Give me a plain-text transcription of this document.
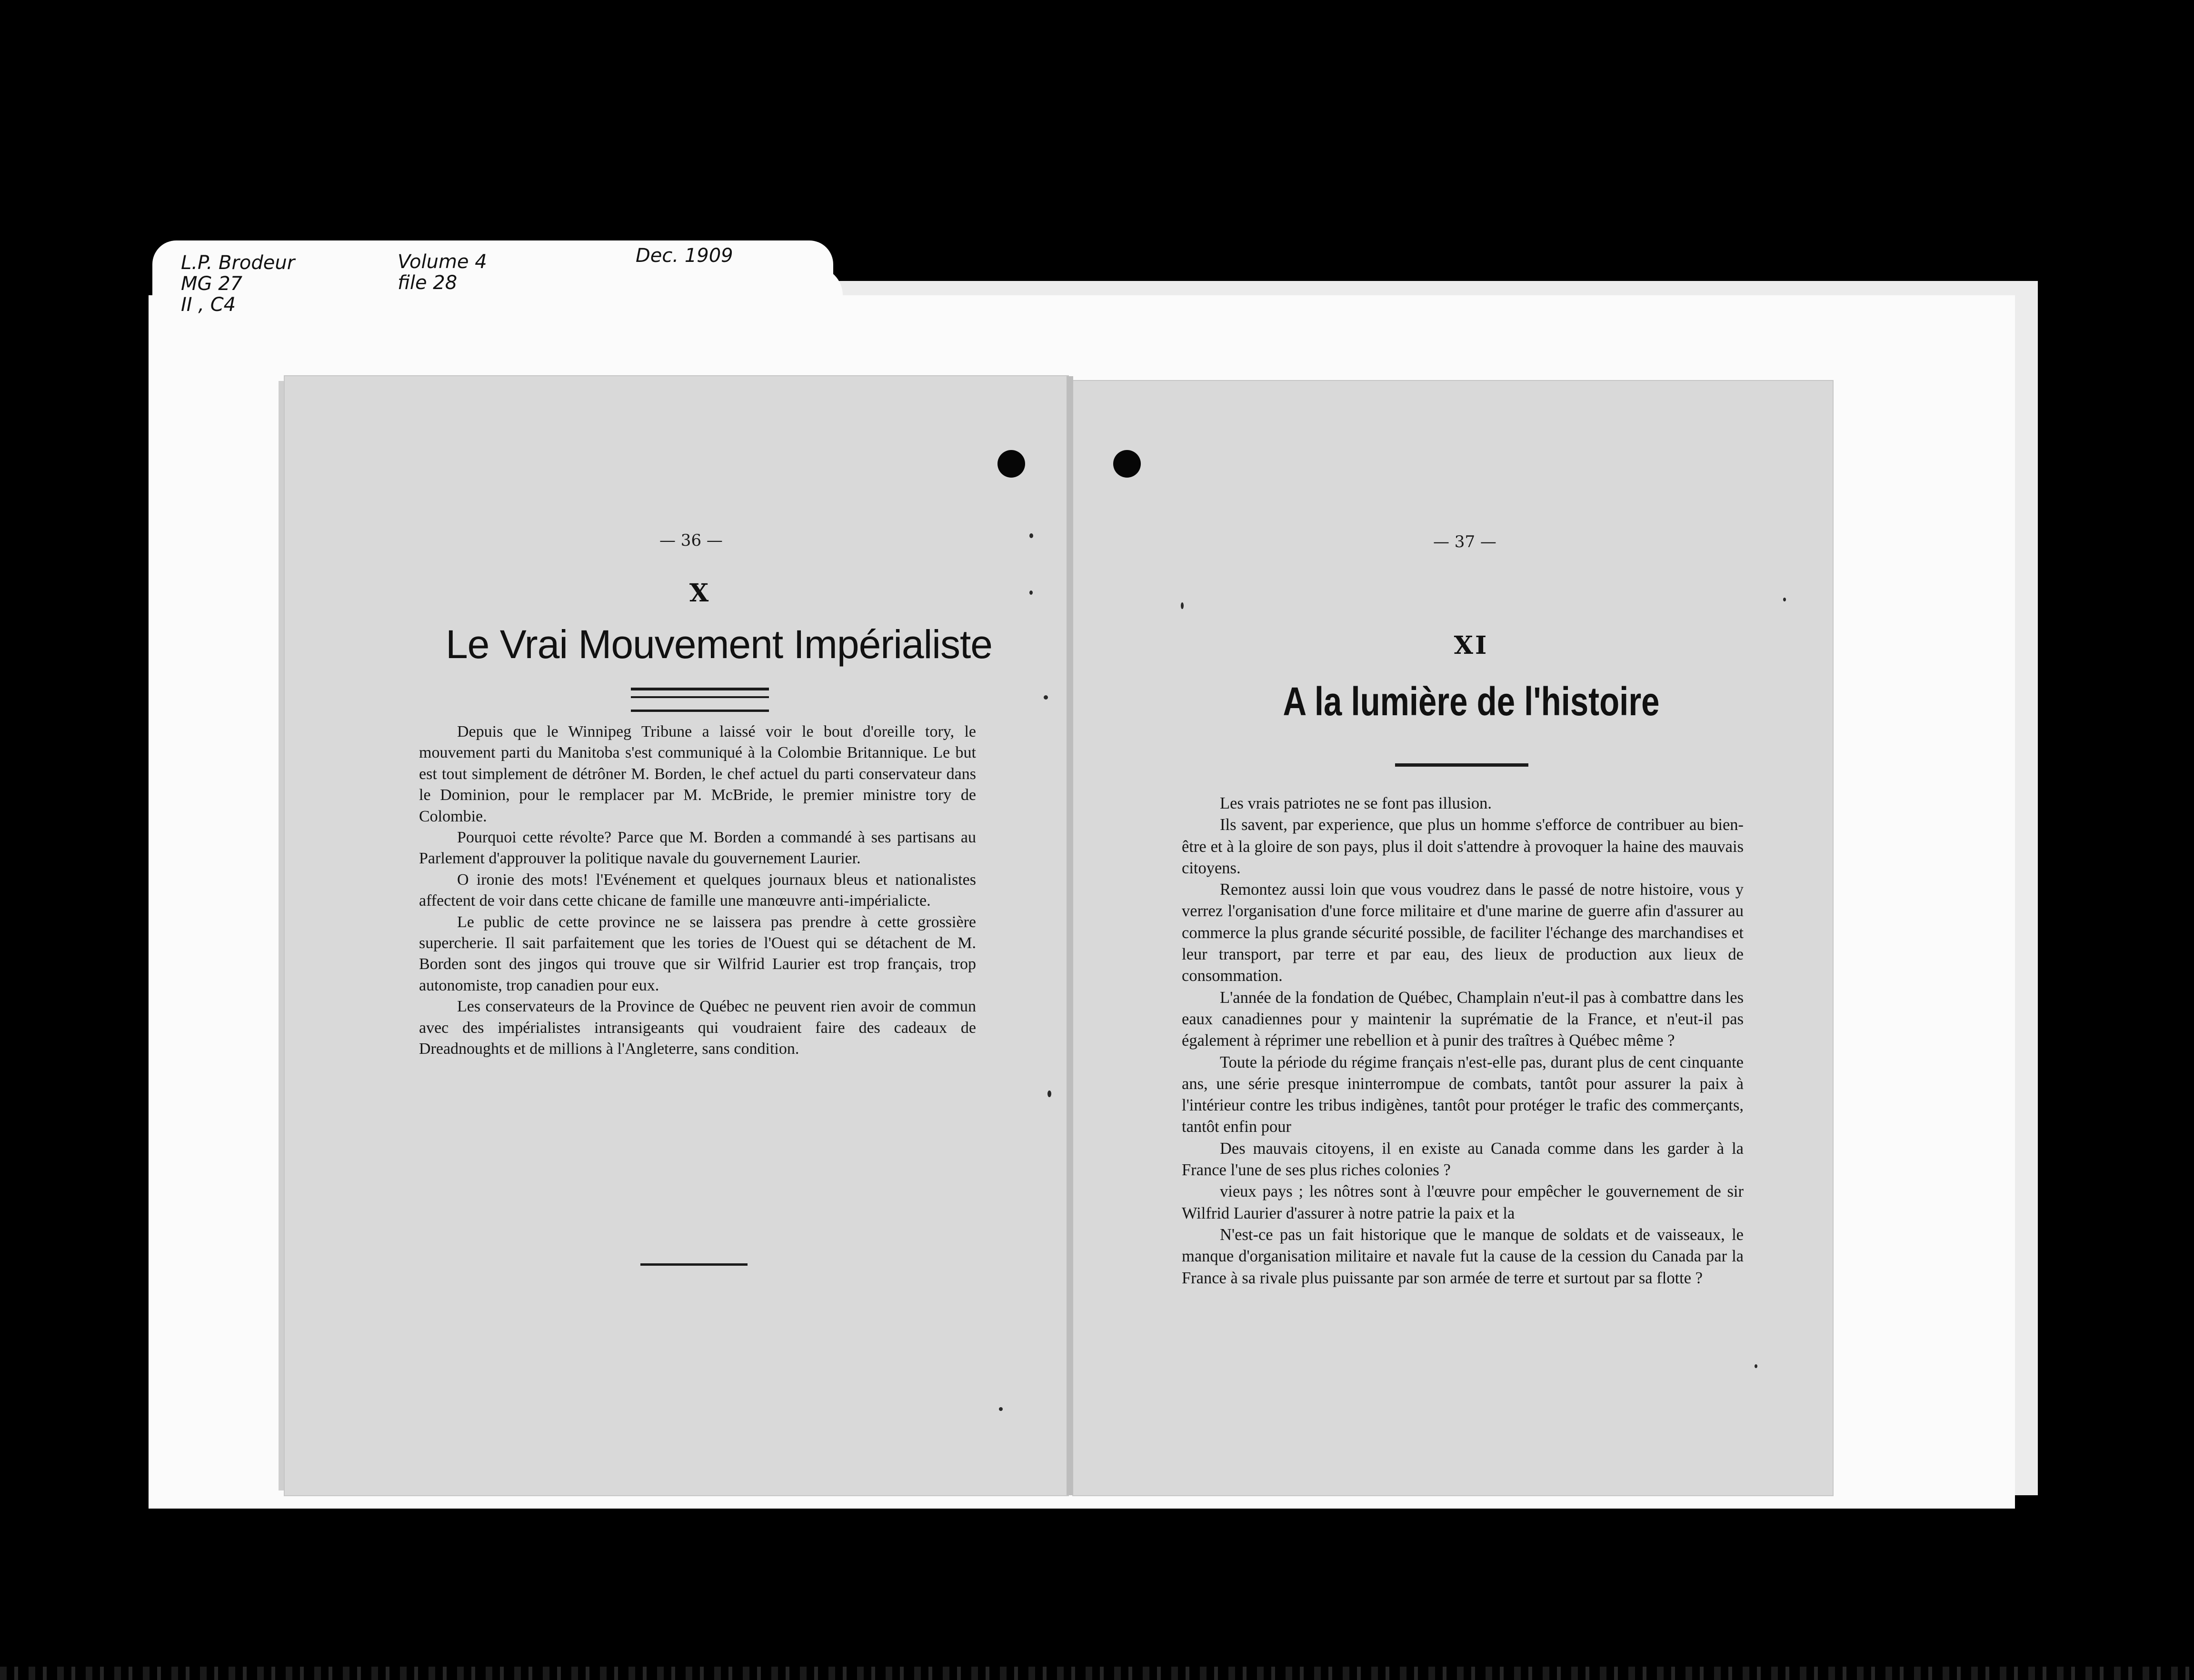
L.P. Brodeur
MG 27
II , C4
Volume 4
file 28
Dec. 1909
— 36 —
X
Le Vrai Mouvement Impérialiste

Depuis que le Winnipeg Tribune a laissé voir le bout d'oreille tory, le mouvement parti du Manitoba s'est communiqué à la Colombie Britannique. Le but est tout simplement de détrôner M. Borden, le chef actuel du parti conservateur dans le Dominion, pour le remplacer par M. McBride, le premier ministre tory de Colombie.

Pourquoi cette révolte? Parce que M. Borden a commandé à ses partisans au Parlement d'approuver la politique navale du gouvernement Laurier.

O ironie des mots! l'Evénement et quelques journaux bleus et nationalistes affectent de voir dans cette chicane de famille une manœuvre anti-impérialicte.

Le public de cette province ne se laissera pas prendre à cette grossière supercherie. Il sait parfaitement que les tories de l'Ouest qui se détachent de M. Borden sont des jingos qui trouve que sir Wilfrid Laurier est trop français, trop autonomiste, trop canadien pour eux.

Les conservateurs de la Province de Québec ne peuvent rien avoir de commun avec des impérialistes intransigeants qui voudraient faire des cadeaux de Dreadnoughts et de millions à l'Angleterre, sans condition.

— 37 —
XI
A la lumière de l'histoire

Les vrais patriotes ne se font pas illusion.

Ils savent, par experience, que plus un homme s'efforce de contribuer au bien-être et à la gloire de son pays, plus il doit s'attendre à provoquer la haine des mauvais citoyens.

Remontez aussi loin que vous voudrez dans le passé de notre histoire, vous y verrez l'organisation d'une force militaire et d'une marine de guerre afin d'assurer au commerce la plus grande sécurité possible, de faciliter l'échange des marchandises et leur transport, par terre et par eau, des lieux de production aux lieux de consommation.

L'année de la fondation de Québec, Champlain n'eut-il pas à combattre dans les eaux canadiennes pour y maintenir la suprématie de la France, et n'eut-il pas également à réprimer une rebellion et à punir des traîtres à Québec même ?

Toute la période du régime français n'est-elle pas, durant plus de cent cinquante ans, une série presque ininterrompue de combats, tantôt pour assurer la paix à l'intérieur contre les tribus indigènes, tantôt pour protéger le trafic des commerçants, tantôt enfin pour

Des mauvais citoyens, il en existe au Canada comme dans les garder à la France l'une de ses plus riches colonies ?

vieux pays ; les nôtres sont à l'œuvre pour empêcher le gouvernement de sir Wilfrid Laurier d'assurer à notre patrie la paix et la

N'est-ce pas un fait historique que le manque de soldats et de vaisseaux, le manque d'organisation militaire et navale fut la cause de la cession du Canada par la France à sa rivale plus puissante par son armée de terre et surtout par sa flotte ?
